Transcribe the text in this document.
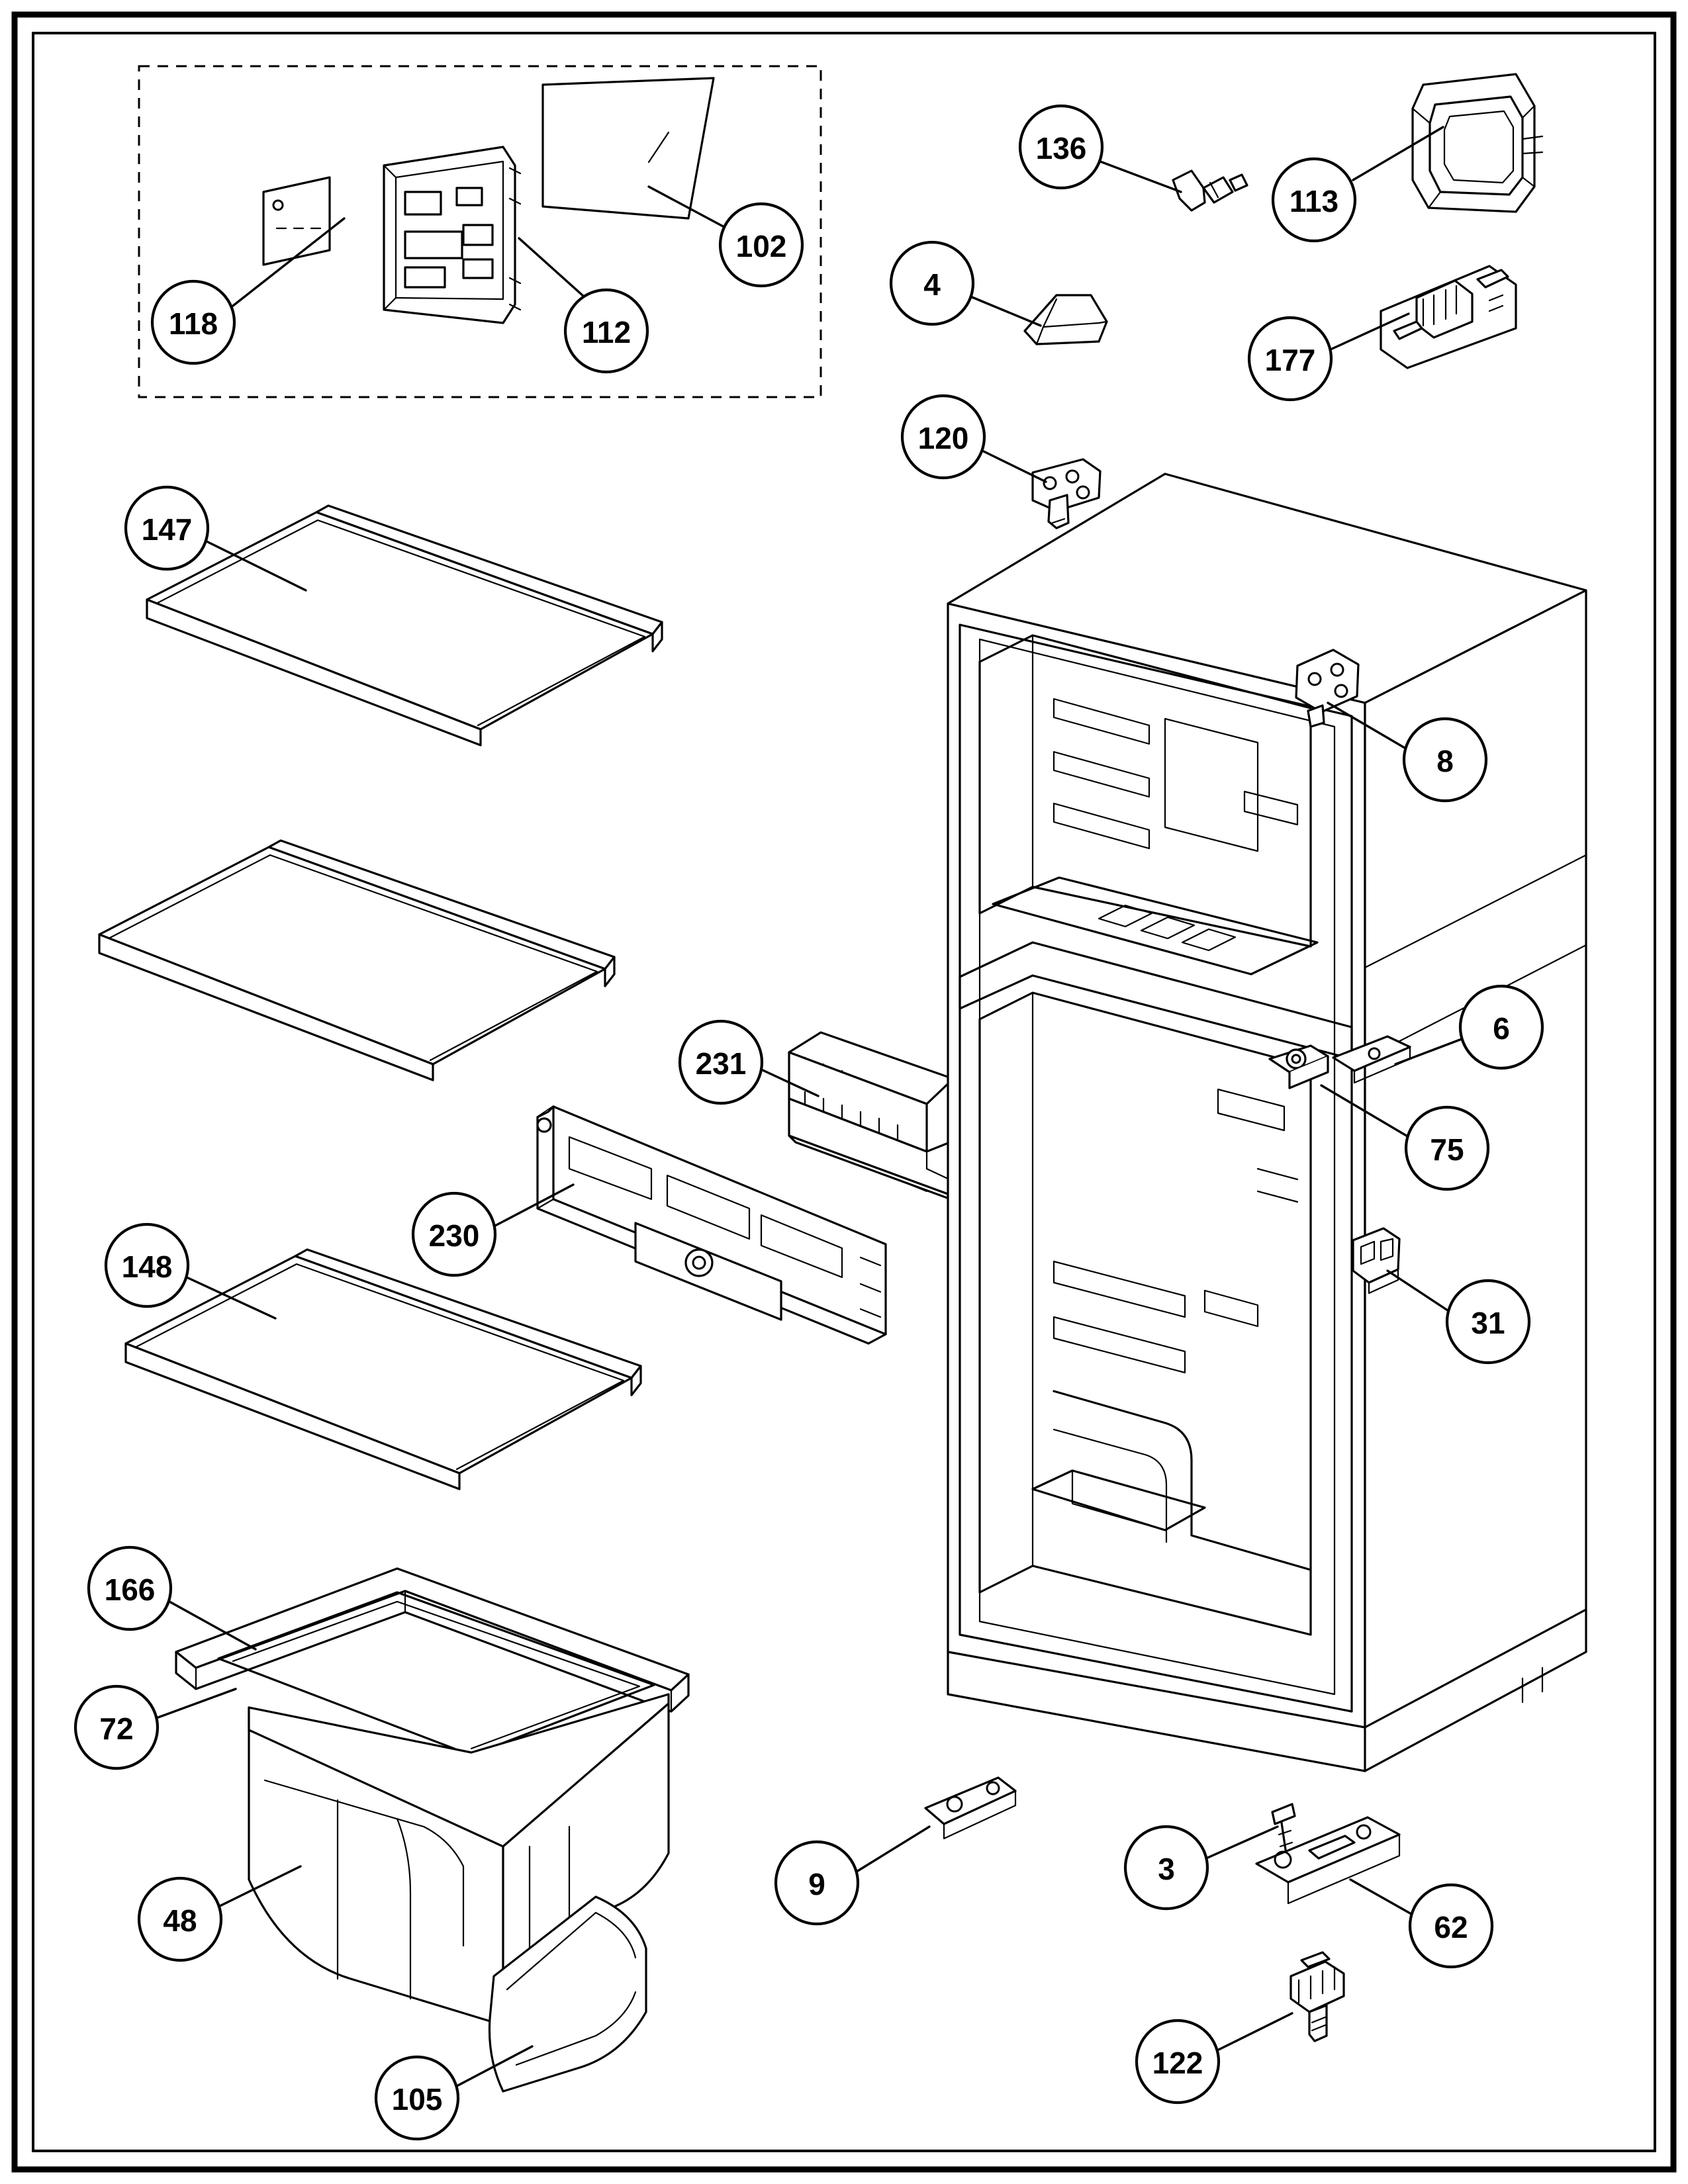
118	112
102
136
113
4
177
120
147
8
6
231
75
230
148
31
166
72
48
105
9	3
62
122
